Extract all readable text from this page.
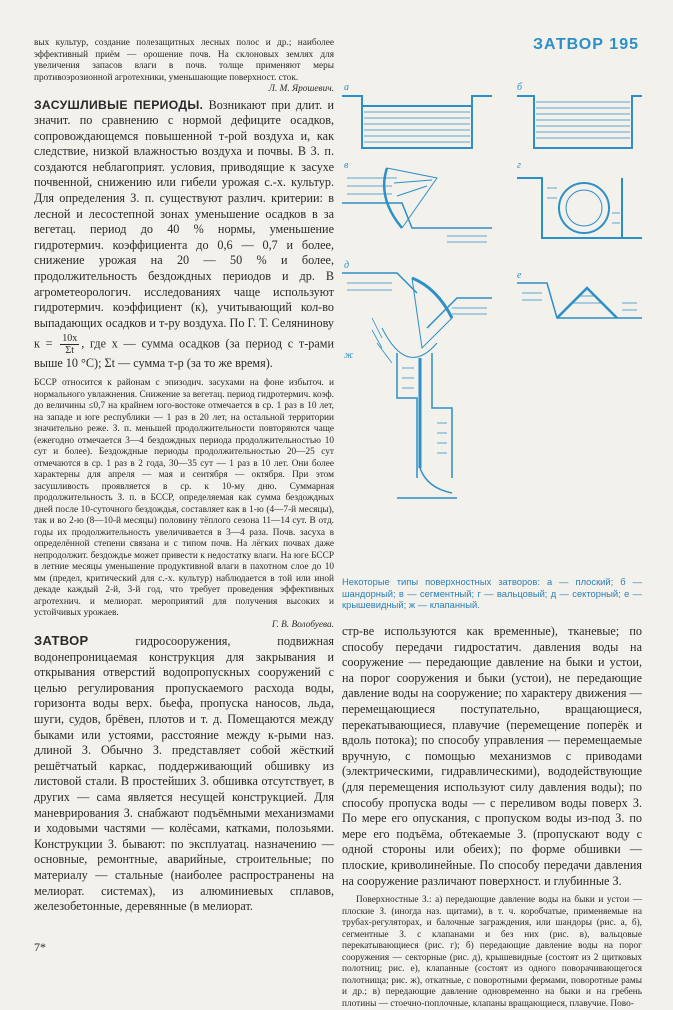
ЗАТВОР 195

вых культур, создание полезащитных лесных полос и др.; наиболее эффективный приём — орошение почв. На склоновых землях для увеличения запасов влаги в почв. толще применяют меры противоэрозионной агротехники, уменьшающие поверхност. сток.

Л. М. Ярошевич.

ЗАСУШЛИВЫЕ ПЕРИОДЫ. Возникают при длит. и значит. по сравнению с нормой дефиците осадков, сопровождающемся повышенной т-рой воздуха и, как следствие, низкой влажностью воздуха и почвы. В З. п. создаются неблагоприят. условия, приводящие к засухе почвенной, снижению или гибели урожая с.-х. культур. Для определения З. п. существуют различ. критерии: в лесной и лесостепной зонах уменьшение осадков в за вегетац. период до 40 % нормы, уменьшение гидротермич. коэффициента до 0,6 — 0,7 и более, снижение урожая на 20 — 50 % и более, продолжительность бездождных периодов и др. В агрометеорологич. исследованиях чаще используют гидротермич. коэффициент (к), учитывающий кол-во выпадающих осадков и т-ру воздуха. По Г. Т. Селянинову

$к = \frac{10x}{\Sigma t}$ , где x — сумма осадков (за период с т-рами выше 10 °С); Σt — сумма т-р (за то же время).

БССР относится к районам с эпизодич. засухами на фоне избыточ. и нормального увлажнения. Снижение за вегетац. период гидротермич. коэф. до величины ≤0,7 на крайнем юго-востоке отмечается в ср. 1 раз в 10 лет, на западе и юге республики — 1 раз в 20 лет, на остальной территории значительно реже. З. п. меньшей продолжительности повторяются чаще (ежегодно отмечается 3—4 бездождных периода продолжительностью 10 сут и более). Бездождные периоды продолжительностью 20—25 сут отмечаются в ср. 1 раз в 2 года, 30—35 сут — 1 раз в 10 лет. Они более характерны для апреля — мая и сентября — октября. При этом засушливость проявляется в ср. к 10-му дню. Суммарная продолжительность З. п. в БССР, определяемая как сумма бездождных дней после 10-суточного бездождья, составляет как в 1-ю (4—7-й месяцы), так и во 2-ю (8—10-й месяцы) половину тёплого сезона 11—14 сут. В отд. годы их продолжительность увеличивается в 3—4 раза. Почв. засуха в определённой степени связана и с типом почв. На лёгких почвах даже непродолжит. бездождье может привести к недостатку влаги. На юге БССР в летние месяцы уменьшение продуктивной влаги в пахотном слое до 10 мм (предел, критический для с.-х. культур) наблюдается в той или иной декаде каждый 2-й, 3-й год, что требует проведения эффективных агротехнич. и мелиорат. мероприятий для получения высоких и устойчивых урожаев.

Г. В. Волобуева.

ЗАТВОР гидросооружения, подвижная водонепроницаемая конструкция для закрывания и открывания отверстий водопропускных сооружений с целью регулирования пропускаемого расхода воды, горизонта воды верх. бьефа, пропуска наносов, льда, шуги, судов, брёвен, плотов и т. д. Помещаются между быками или устоями, расстояние между к-рыми наз. длиной З. Обычно З. представляет собой жёсткий решётчатый каркас, поддерживающий обшивку из листовой стали. В простейших З. обшивка отсутствует, в других — сама является несущей конструкцией. Для маневрирования З. снабжают подъёмными механизмами и ходовыми частями — колёсами, катками, полозьями. Конструкции З. бывают: по эксплуатац. назначению — основные, ремонтные, аварийные, строительные; по материалу — стальные (наиболее распространены на мелиорат. системах), из алюминиевых сплавов, железобетонные, деревянные (в мелиорат.

а	б
в	г
д
е
ж
Некоторые типы поверхностных затворов: а — плоский; б — шандорный; в — сегментный; г — вальцовый; д — секторный; е — крышевидный; ж — клапанный.

стр-ве используются как временные), тканевые; по способу передачи гидростатич. давления воды на сооружение — передающие давление на быки и устои, на порог сооружения и быки (устои), не передающие давление воды на сооружение; по характеру движения — перемещающиеся поступательно, вращающиеся, перекатывающиеся, плавучие (перемещение поперёк и вдоль потока); по способу управления — перемещаемые вручную, с помощью механизмов с приводами (электрическими, гидравлическими), вододействующие (для перемещения используют силу давления воды); по способу пропуска воды — с переливом воды поверх З. По мере его опускания, с пропуском воды из-под З. по мере его подъёма, обтекаемые З. (пропускают воду с одной стороны или обеих); по форме обшивки — плоские, криволинейные. По способу передачи давления на сооружение различают поверхност. и глубинные З.

Поверхностные З.: а) передающие давление воды на быки и устои — плоские З. (иногда наз. щитами), в т. ч. коробчатые, применяемые на трубах-регуляторах, и балочные заграждения, или шандоры (рис. а, б), сегментные З. с клапанами и без них (рис. в), вальцовые перекатывающиеся (рис. г); б) передающие давление воды на порог сооружения — секторные (рис. д), крышевидные (состоят из 2 щитковых полотниц; рис. е), клапанные (состоят из одного поворачивающегося полотнища; рис. ж), откатные, с поворотными фермами, поворотные рамы и др.; в) передающие давление одновременно на быки и на гребень плотины — стоечно-поплочные, клапаны вращающиеся, плавучие. Пово-

7*
